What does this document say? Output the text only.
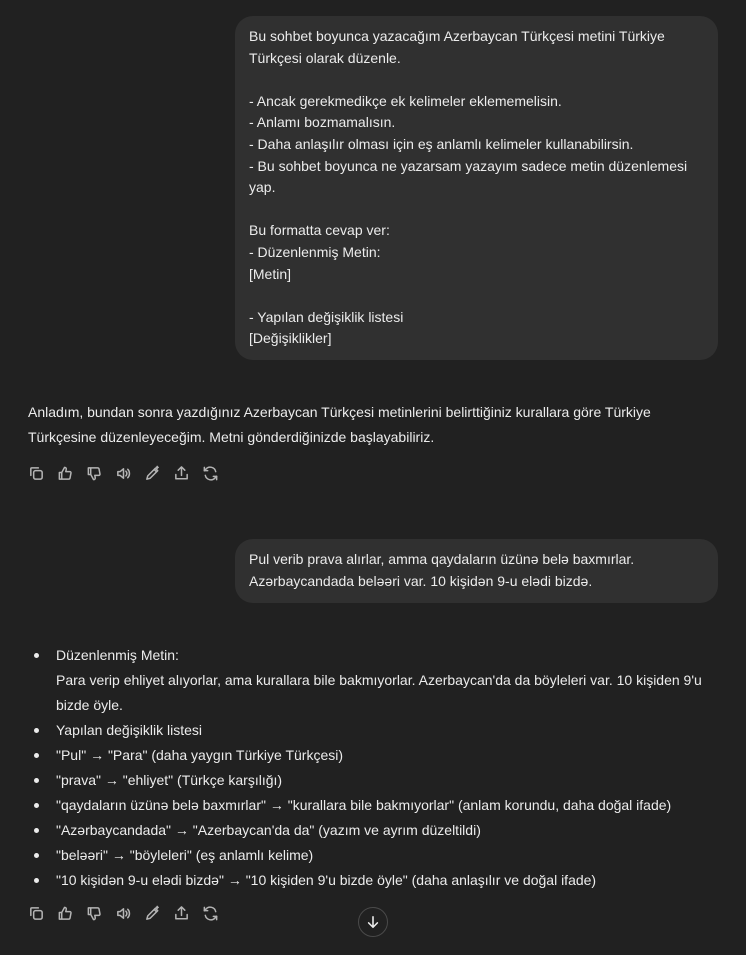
Bu sohbet boyunca yazacağım Azerbaycan Türkçesi metini Türkiye
Türkçesi olarak düzenle.
- Ancak gerekmedikçe ek kelimeler eklememelisin.
- Anlamı bozmamalısın.
- Daha anlaşılır olması için eş anlamlı kelimeler kullanabilirsin.
- Bu sohbet boyunca ne yazarsam yazayım sadece metin düzenlemesi
yap.
Bu formatta cevap ver:
- Düzenlenmiş Metin:
[Metin]
- Yapılan değişiklik listesi
[Değişiklikler]
Anladım, bundan sonra yazdığınız Azerbaycan Türkçesi metinlerini belirttiğiniz kurallara göre Türkiye
Türkçesine düzenleyeceğim. Metni gönderdiğinizde başlayabiliriz.
Pul verib prava alırlar, amma qaydaların üzünə belə baxmırlar.
Azərbaycandada beləəri var. 10 kişidən 9-u elədi bizdə.
Düzenlenmiş Metin:
Para verip ehliyet alıyorlar, ama kurallara bile bakmıyorlar. Azerbaycan'da da böyleleri var. 10 kişiden 9'u
bizde öyle.
Yapılan değişiklik listesi
"Pul" → "Para" (daha yaygın Türkiye Türkçesi)
"prava" → "ehliyet" (Türkçe karşılığı)
"qaydaların üzünə belə baxmırlar" → "kurallara bile bakmıyorlar" (anlam korundu, daha doğal ifade)
"Azərbaycandada" → "Azerbaycan'da da" (yazım ve ayrım düzeltildi)
"beləəri" → "böyleleri" (eş anlamlı kelime)
"10 kişidən 9-u elədi bizdə" → "10 kişiden 9'u bizde öyle" (daha anlaşılır ve doğal ifade)
